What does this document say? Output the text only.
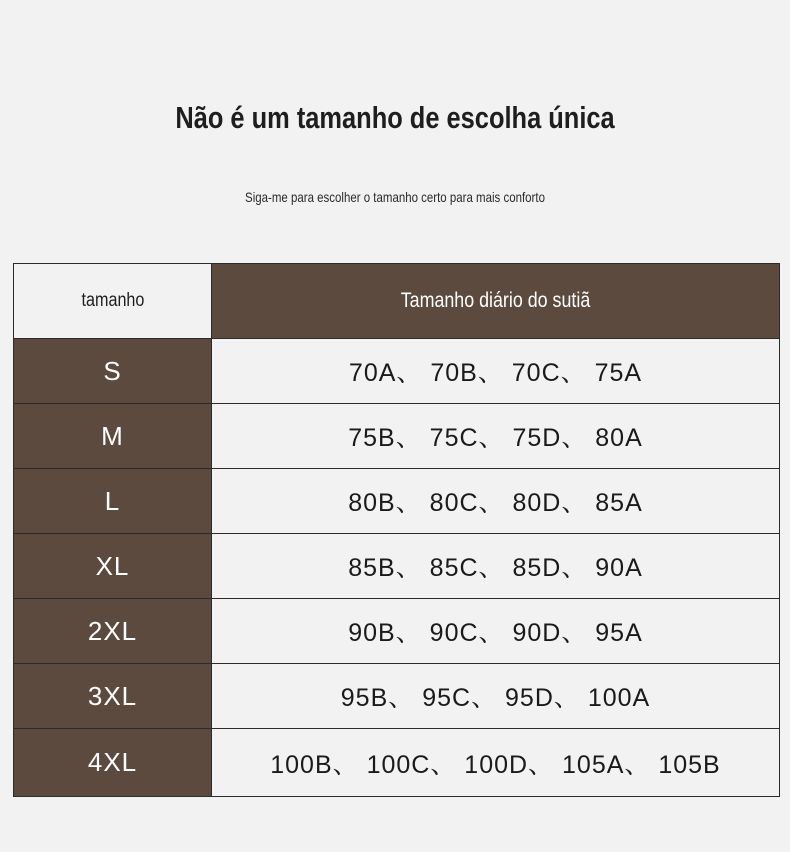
Não é um tamanho de escolha única
Siga-me para escolher o tamanho certo para mais conforto
tamanho	Tamanho diário do sutiã
S	70A、 70B、 70C、 75A
M	75B、 75C、 75D、 80A
L	80B、 80C、 80D、 85A
XL	85B、 85C、 85D、 90A
2XL	90B、 90C、 90D、 95A
3XL	95B、 95C、 95D、 100A
4XL	100B、 100C、 100D、 105A、 105B
